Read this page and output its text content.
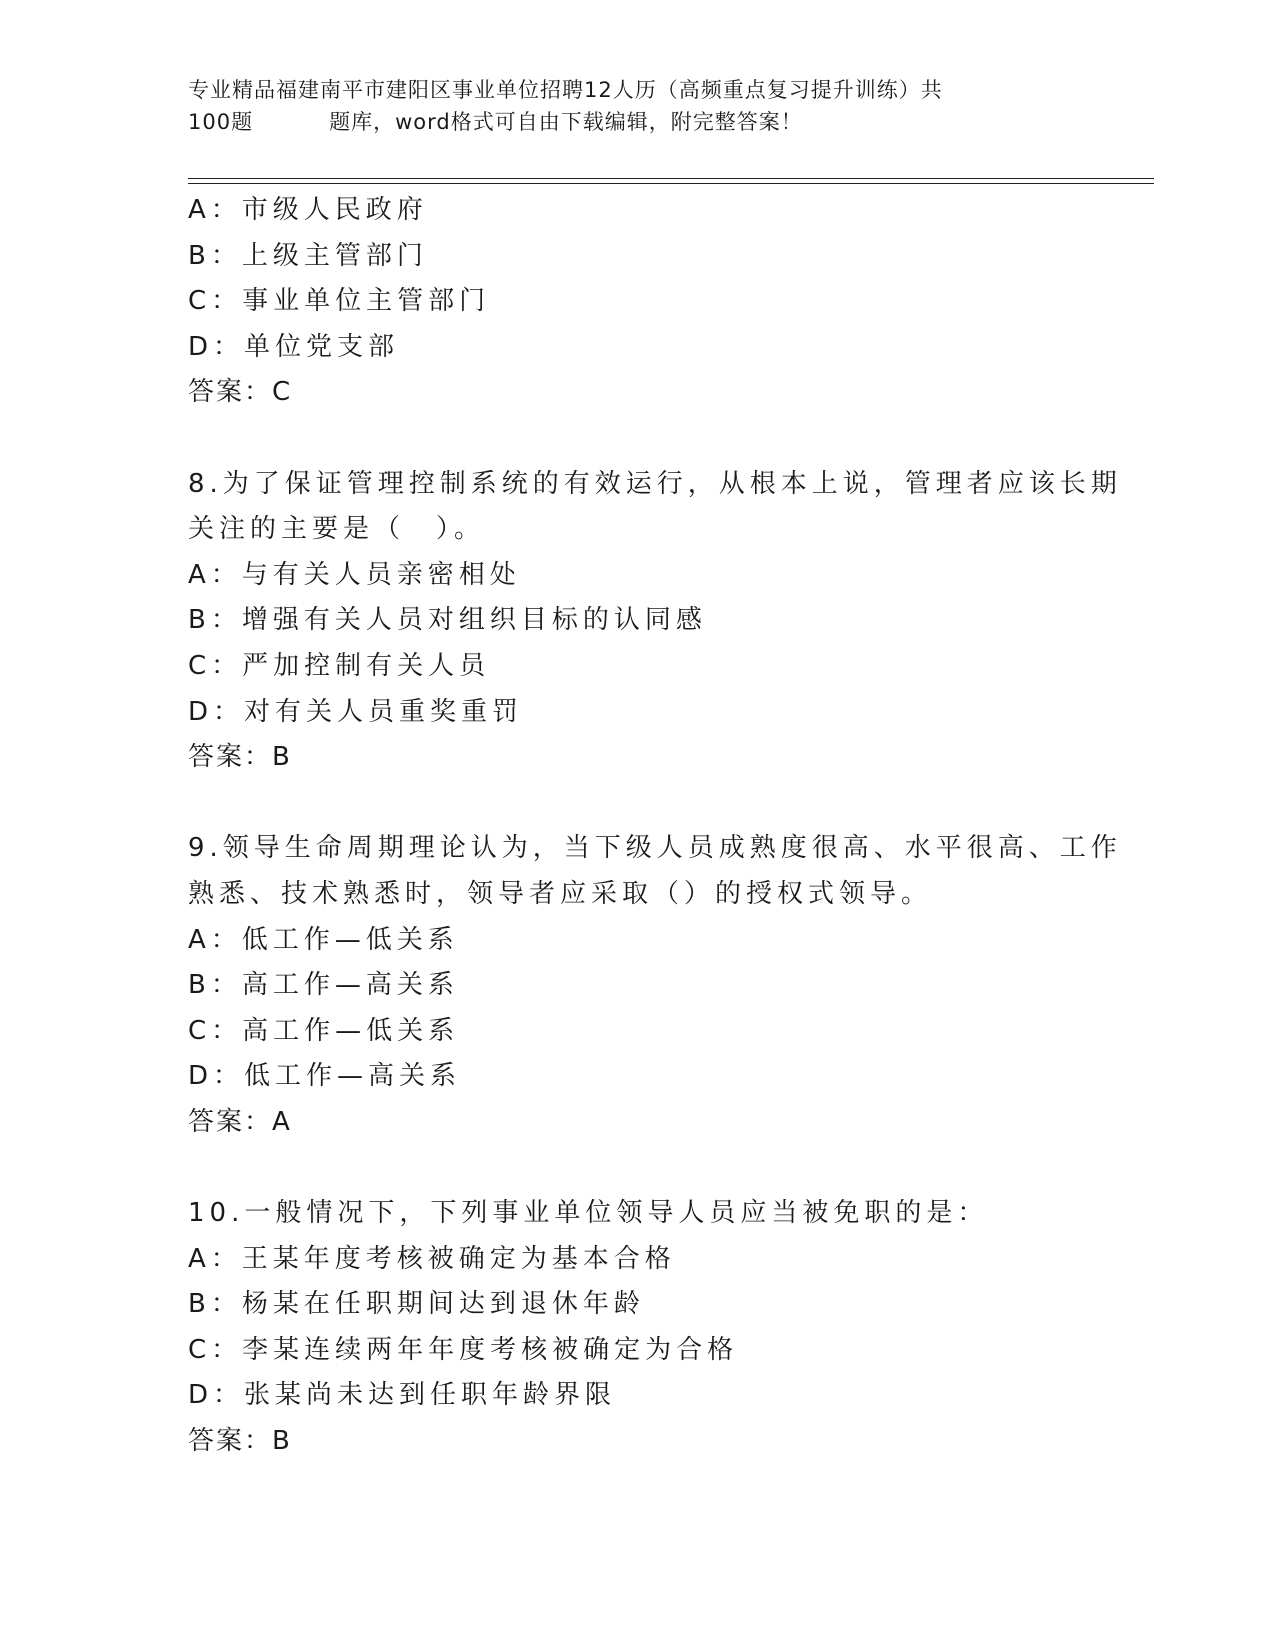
专业精品福建南平市建阳区事业单位招聘12人历（高频重点复习提升训练）共
100题	题库，word格式可自由下载编辑，附完整答案！
A：市级人民政府
B：上级主管部门
C：事业单位主管部门
D：单位党支部
答案：C
8.为了保证管理控制系统的有效运行，从根本上说，管理者应该长期
关注的主要是（　）。
A：与有关人员亲密相处
B：增强有关人员对组织目标的认同感
C：严加控制有关人员
D：对有关人员重奖重罚
答案：B
9.领导生命周期理论认为，当下级人员成熟度很高、水平很高、工作
熟悉、技术熟悉时，领导者应采取（）的授权式领导。
A：低工作—低关系
B：高工作—高关系
C：高工作—低关系
D：低工作—高关系
答案：A
10.一般情况下，下列事业单位领导人员应当被免职的是：
A：王某年度考核被确定为基本合格
B：杨某在任职期间达到退休年龄
C：李某连续两年年度考核被确定为合格
D：张某尚未达到任职年龄界限
答案：B
